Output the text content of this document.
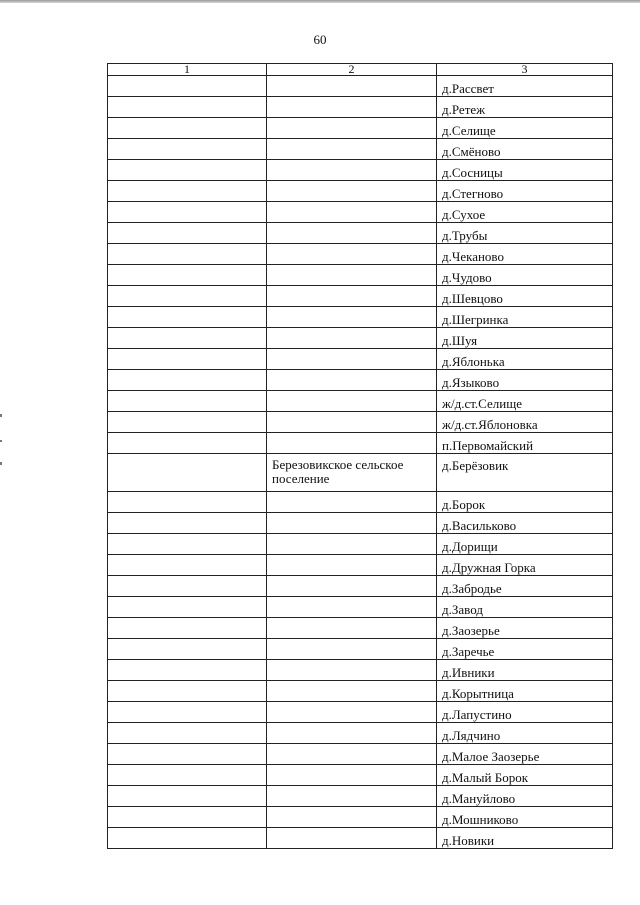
60
1	2	3
		д.Рассвет
		д.Ретеж
		д.Селище
		д.Смёново
		д.Сосницы
		д.Стегново
		д.Сухое
		д.Трубы
		д.Чеканово
		д.Чудово
		д.Шевцово
		д.Шегринка
		д.Шуя
		д.Яблонька
		д.Языково
		ж/д.ст.Селище
		ж/д.ст.Яблоновка
		п.Первомайский
	Березовикское сельское поселение	д.Берёзовик
		д.Борок
		д.Васильково
		д.Дорищи
		д.Дружная Горка
		д.Забродье
		д.Завод
		д.Заозерье
		д.Заречье
		д.Ивники
		д.Корытница
		д.Лапустино
		д.Лядчино
		д.Малое Заозерье
		д.Малый Борок
		д.Мануйлово
		д.Мошниково
		д.Новики
